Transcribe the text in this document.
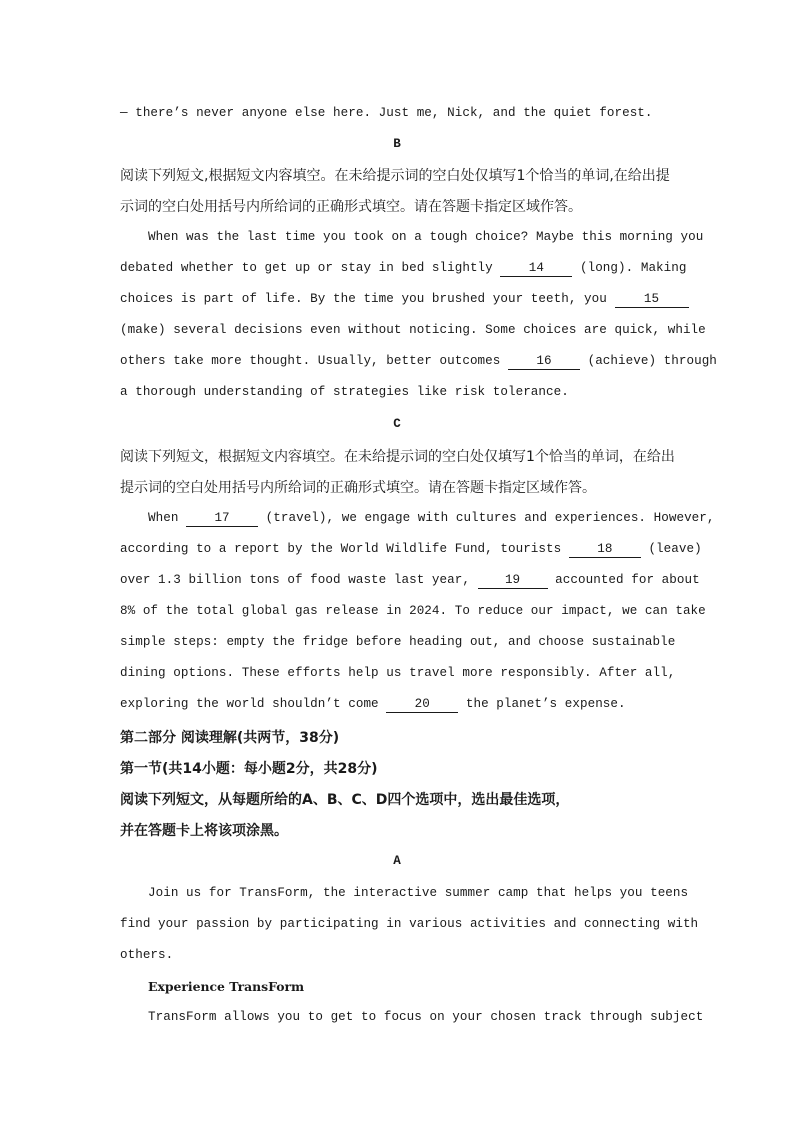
— there’s never anyone else here. Just me, Nick, and the quiet forest.
B
阅读下列短文,根据短文内容填空。在未给提示词的空白处仅填写1个恰当的单词,在给出提
示词的空白处用括号内所给词的正确形式填空。请在答题卡指定区域作答。
When was the last time you took on a tough choice? Maybe this morning you
debated whether to get up or stay in bed slightly 14 (long). Making
choices is part of life. By the time you brushed your teeth, you 15
(make) several decisions even without noticing. Some choices are quick, while
others take more thought. Usually, better outcomes 16 (achieve) through
a thorough understanding of strategies like risk tolerance.
C
阅读下列短文，根据短文内容填空。在未给提示词的空白处仅填写1个恰当的单词，在给出
提示词的空白处用括号内所给词的正确形式填空。请在答题卡指定区域作答。
When 17 (travel), we engage with cultures and experiences. However,
according to a report by the World Wildlife Fund, tourists 18 (leave)
over 1.3 billion tons of food waste last year, 19 accounted for about
8% of the total global gas release in 2024. To reduce our impact, we can take
simple steps: empty the fridge before heading out, and choose sustainable
dining options. These efforts help us travel more responsibly. After all,
exploring the world shouldn’t come 20 the planet’s expense.
第二部分 阅读理解(共两节，38分)
第一节(共14小题：每小题2分，共28分)
阅读下列短文，从每题所给的A、B、C、D四个选项中，选出最佳选项，
并在答题卡上将该项涂黑。
A
Join us for TransForm, the interactive summer camp that helps you teens
find your passion by participating in various activities and connecting with
others.
Experience TransForm
TransForm allows you to get to focus on your chosen track through subject
